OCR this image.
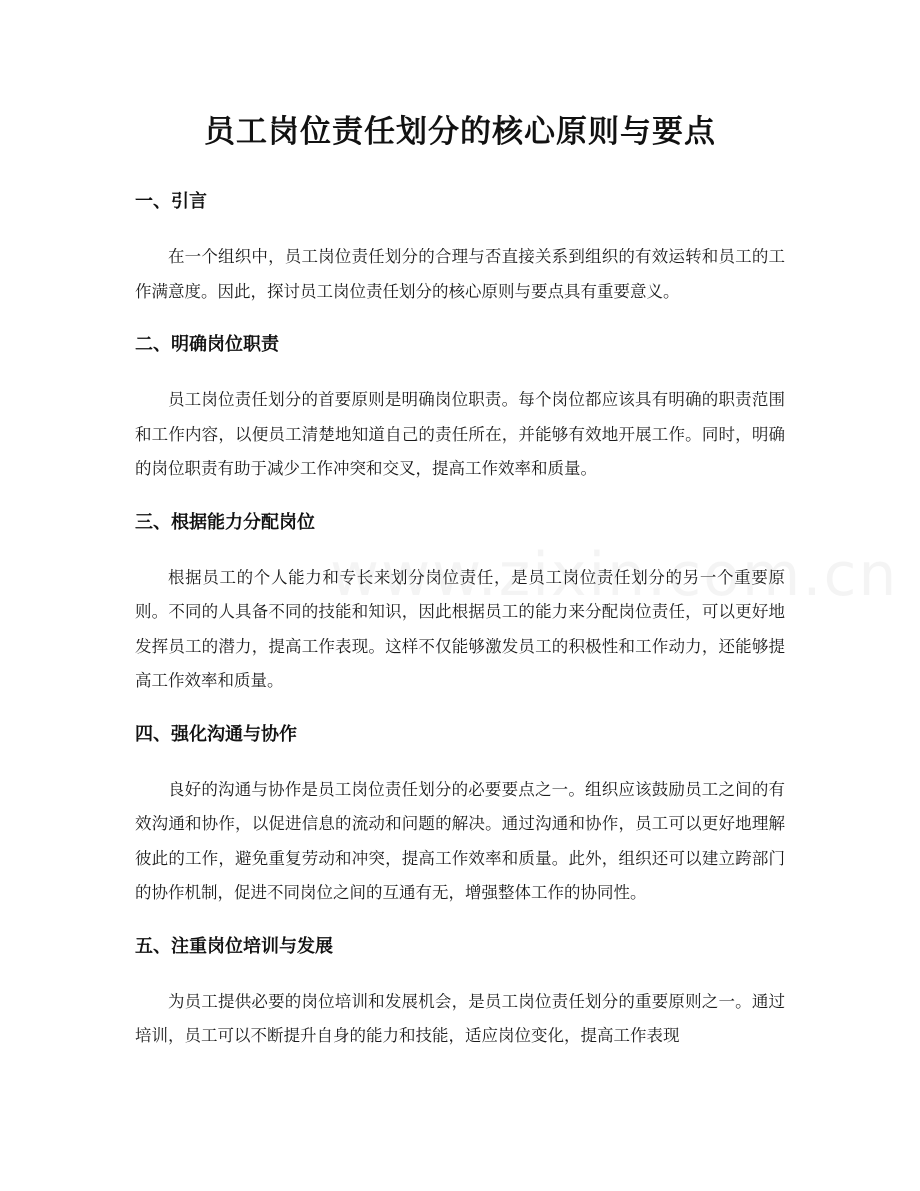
员工岗位责任划分的核心原则与要点
一、引言

在一个组织中，员工岗位责任划分的合理与否直接关系到组织的有效运转和员工的工作满意度。因此，探讨员工岗位责任划分的核心原则与要点具有重要意义。

二、明确岗位职责

员工岗位责任划分的首要原则是明确岗位职责。每个岗位都应该具有明确的职责范围和工作内容，以便员工清楚地知道自己的责任所在，并能够有效地开展工作。同时，明确的岗位职责有助于减少工作冲突和交叉，提高工作效率和质量。

三、根据能力分配岗位

根据员工的个人能力和专长来划分岗位责任，是员工岗位责任划分的另一个重要原则。不同的人具备不同的技能和知识，因此根据员工的能力来分配岗位责任，可以更好地发挥员工的潜力，提高工作表现。这样不仅能够激发员工的积极性和工作动力，还能够提高工作效率和质量。

四、强化沟通与协作

良好的沟通与协作是员工岗位责任划分的必要要点之一。组织应该鼓励员工之间的有效沟通和协作，以促进信息的流动和问题的解决。通过沟通和协作，员工可以更好地理解彼此的工作，避免重复劳动和冲突，提高工作效率和质量。此外，组织还可以建立跨部门的协作机制，促进不同岗位之间的互通有无，增强整体工作的协同性。

五、注重岗位培训与发展

为员工提供必要的岗位培训和发展机会，是员工岗位责任划分的重要原则之一。通过培训，员工可以不断提升自身的能力和技能，适应岗位变化，提高工作表现
